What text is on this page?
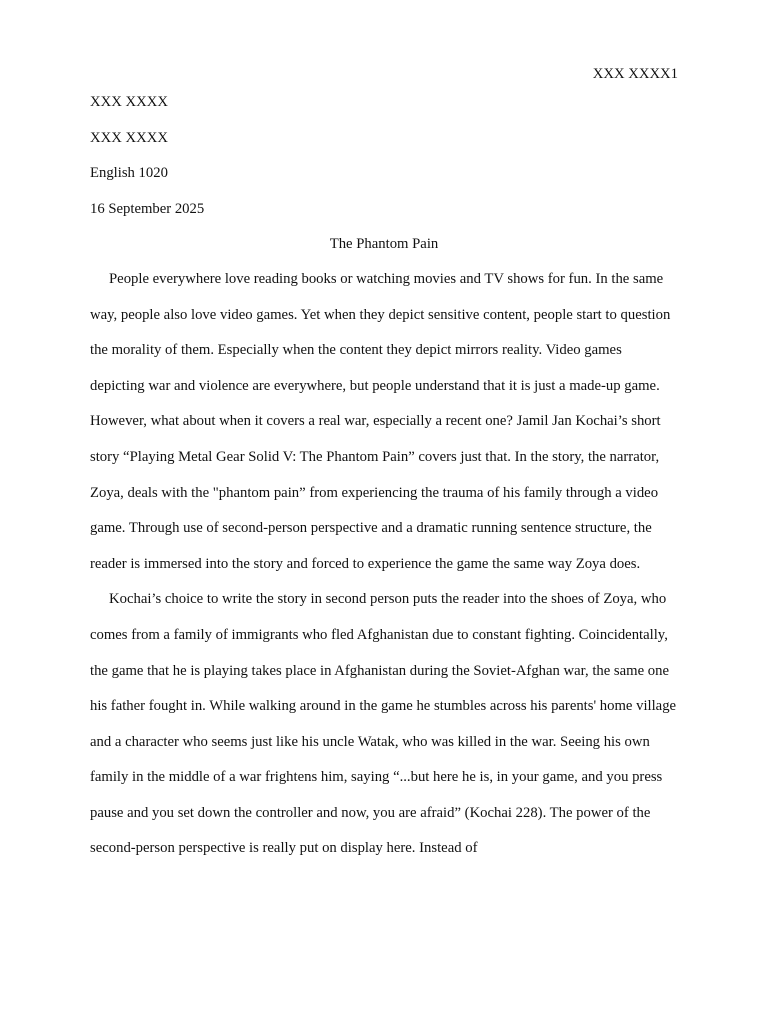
XXX XXXX1
XXX XXXX
XXX XXXX
English 1020
16 September 2025
The Phantom Pain

People everywhere love reading books or watching movies and TV shows for fun. In the same way, people also love video games. Yet when they depict sensitive content, people start to question the morality of them. Especially when the content they depict mirrors reality. Video games depicting war and violence are everywhere, but people understand that it is just a made-up game. However, what about when it covers a real war, especially a recent one? Jamil Jan Kochai’s short story “Playing Metal Gear Solid V: The Phantom Pain” covers just that. In the story, the narrator, Zoya, deals with the "phantom pain” from experiencing the trauma of his family through a video game. Through use of second-person perspective and a dramatic running sentence structure, the reader is immersed into the story and forced to experience the game the same way Zoya does.

Kochai’s choice to write the story in second person puts the reader into the shoes of Zoya, who comes from a family of immigrants who fled Afghanistan due to constant fighting. Coincidentally, the game that he is playing takes place in Afghanistan during the Soviet-Afghan war, the same one his father fought in. While walking around in the game he stumbles across his parents' home village and a character who seems just like his uncle Watak, who was killed in the war. Seeing his own family in the middle of a war frightens him, saying “...but here he is, in your game, and you press pause and you set down the controller and now, you are afraid” (Kochai 228). The power of the second-person perspective is really put on display here. Instead of
